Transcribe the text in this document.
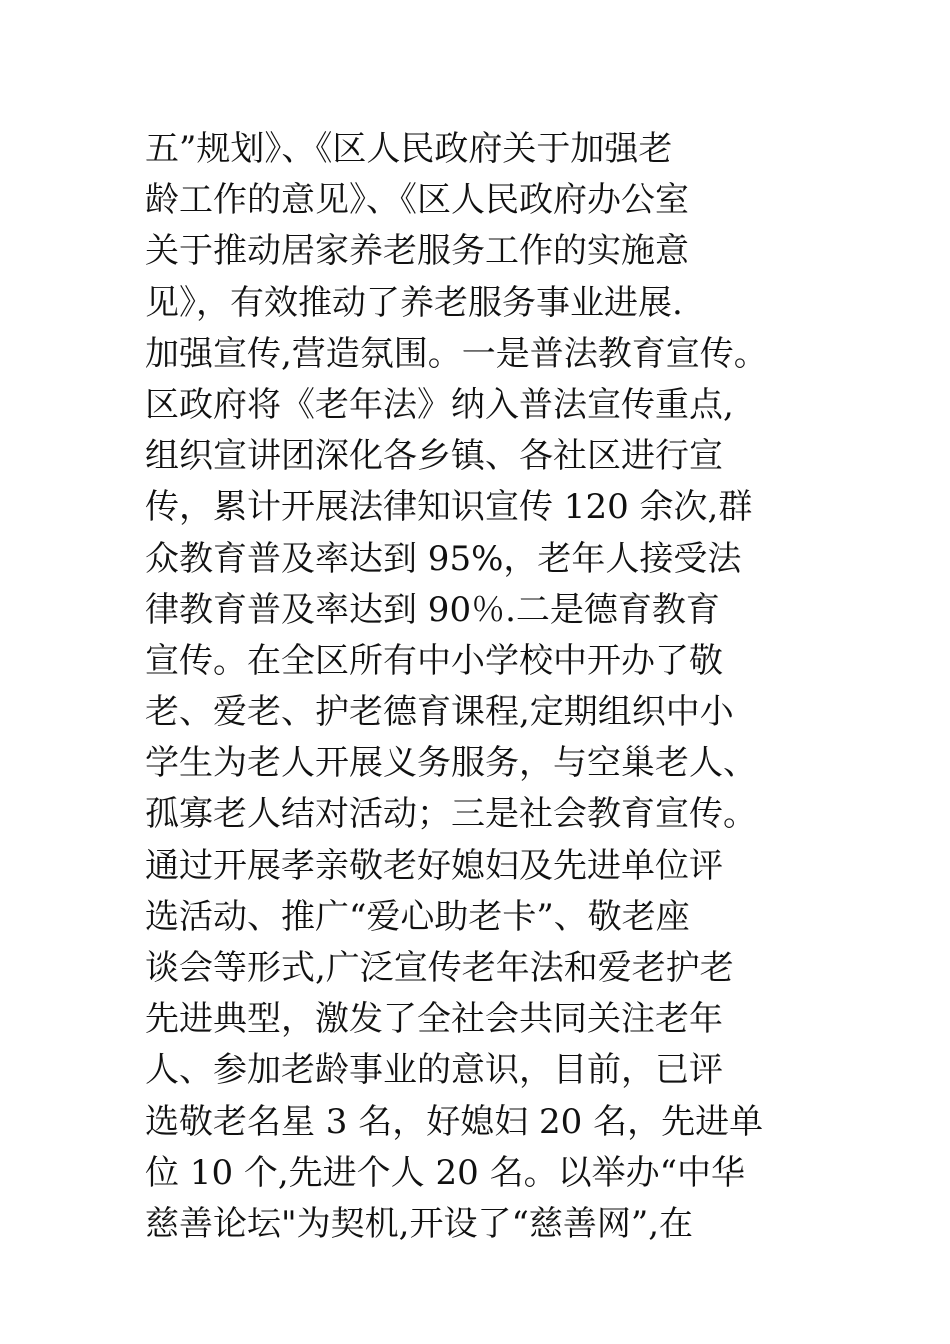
五”规划》、《区人民政府关于加强老
龄工作的意见》、《区人民政府办公室
关于推动居家养老服务工作的实施意
见》，有效推动了养老服务事业进展.
加强宣传,营造氛围。一是普法教育宣传。
区政府将《老年法》纳入普法宣传重点,
组织宣讲团深化各乡镇、各社区进行宣
传，累计开展法律知识宣传 120 余次,群
众教育普及率达到 95%，老年人接受法
律教育普及率达到 90％.二是德育教育
宣传。在全区所有中小学校中开办了敬
老、爱老、护老德育课程,定期组织中小
学生为老人开展义务服务，与空巢老人、
孤寡老人结对活动；三是社会教育宣传。
通过开展孝亲敬老好媳妇及先进单位评
选活动、推广“爱心助老卡”、敬老座
谈会等形式,广泛宣传老年法和爱老护老
先进典型，激发了全社会共同关注老年
人、参加老龄事业的意识，目前，已评
选敬老名星 3 名，好媳妇 20 名，先进单
位 10 个,先进个人 20 名。以举办“中华
慈善论坛"为契机,开设了“慈善网”,在
